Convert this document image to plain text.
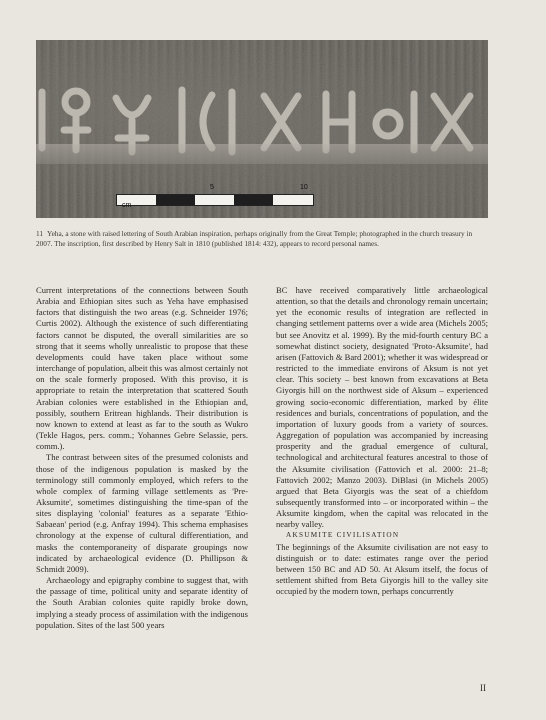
5	10
cm
11 Yeha, a stone with raised lettering of South Arabian inspiration, perhaps originally from the Great Temple; photographed in the church treasury in 2007. The inscription, first described by Henry Salt in 1810 (published 1814: 432), appears to record personal names.

Current interpretations of the connections between South Arabia and Ethiopian sites such as Yeha have emphasised factors that distinguish the two areas (e.g. Schneider 1976; Curtis 2002). Although the existence of such differentiating factors cannot be disputed, the overall similarities are so strong that it seems wholly unrealistic to propose that these developments could have taken place without some interchange of population, albeit this was almost certainly not on the scale formerly proposed. With this proviso, it is appropriate to retain the interpretation that scattered South Arabian colonies were established in the Ethiopian and, possibly, southern Eritrean highlands. Their distribution is now known to extend at least as far to the south as Wukro (Tekle Hagos, pers. comm.; Yohannes Gebre Selassie, pers. comm.).

The contrast between sites of the presumed colonists and those of the indigenous population is masked by the terminology still commonly employed, which refers to the whole complex of farming village settlements as 'Pre-Aksumite', sometimes distinguishing the time-span of the sites displaying 'colonial' features as a separate 'Ethio-Sabaean' period (e.g. Anfray 1994). This schema emphasises chronology at the expense of cultural differentiation, and masks the contemporaneity of disparate groupings now indicated by archaeological evidence (D. Phillipson & Schmidt 2009).

Archaeology and epigraphy combine to suggest that, with the passage of time, political unity and separate identity of the South Arabian colonies quite rapidly broke down, implying a steady process of assimilation with the indigenous population. Sites of the last 500 years

BC have received comparatively little archaeological attention, so that the details and chronology remain uncertain; yet the economic results of integration are reflected in changing settlement patterns over a wide area (Michels 2005; but see Anovitz et al. 1999). By the mid-fourth century BC a somewhat distinct society, designated 'Proto-Aksumite', had arisen (Fattovich & Bard 2001); whether it was widespread or restricted to the immediate environs of Aksum is not yet clear. This society – best known from excavations at Beta Giyorgis hill on the northwest side of Aksum – experienced growing socio-economic differentiation, marked by élite residences and burials, concentrations of population, and the importation of luxury goods from a variety of sources. Aggregation of population was accompanied by increasing prosperity and the gradual emergence of cultural, technological and architectural features ancestral to those of the Aksumite civilisation (Fattovich et al. 2000: 21–8; Fattovich 2002; Manzo 2003). DiBlasi (in Michels 2005) argued that Beta Giyorgis was the seat of a chiefdom subsequently transformed into – or incorporated within – the Aksumite kingdom, when the capital was relocated in the nearby valley.

AKSUMITE CIVILISATION

The beginnings of the Aksumite civilisation are not easy to distinguish or to date: estimates range over the period between 150 BC and AD 50. At Aksum itself, the focus of settlement shifted from Beta Giyorgis hill to the valley site occupied by the modern town, perhaps concurrently

II
